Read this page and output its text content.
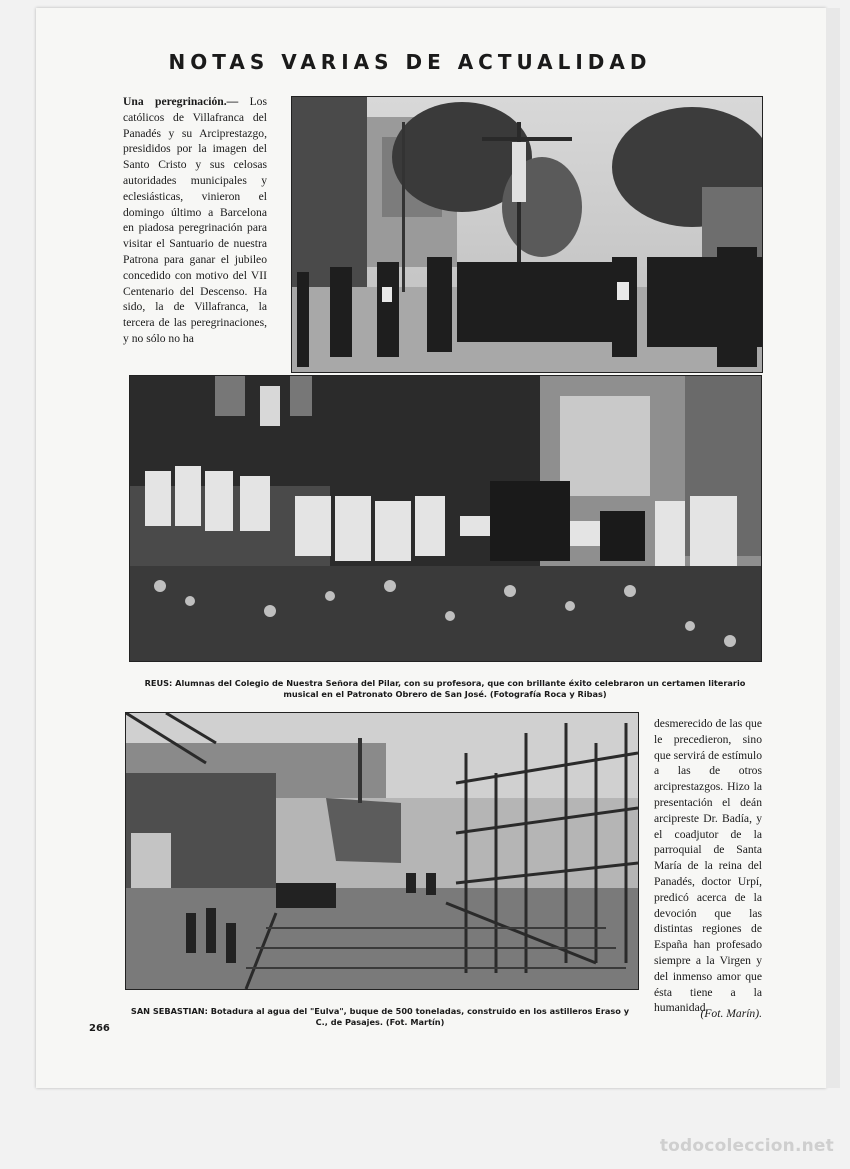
NOTAS VARIAS DE ACTUALIDAD
Una peregrinación.— Los católicos de Villafranca del Panadés y su Arciprestazgo, presididos por la imagen del Santo Cristo y sus celosas autoridades municipales y eclesiásticas, vinieron el domingo último a Barcelona en piadosa peregrinación para visitar el Santuario de nuestra Patrona para ganar el jubileo concedido con motivo del VII Centenario del Descenso. Ha sido, la de Villafranca, la tercera de las peregrinaciones, y no sólo no ha
REUS: Alumnas del Colegio de Nuestra Señora del Pilar, con su profesora, que con brillante éxito celebraron un certamen literario musical en el Patronato Obrero de San José. (Fotografía Roca y Ribas)
SAN SEBASTIAN: Botadura al agua del "Eulva", buque de 500 toneladas, construido en los astilleros Eraso y C., de Pasajes. (Fot. Martín)
desmerecido de las que le precedieron, sino que servirá de estímulo a las de otros arciprestazgos. Hizo la presentación el deán arcipreste Dr. Badía, y el coadjutor de la parroquial de Santa María de la reina del Panadés, doctor Urpí, predicó acerca de la devoción que las distintas regiones de España han profesado siempre a la Virgen y del inmenso amor que ésta tiene a la humanidad.
(Fot. Marín).
266
todocoleccion.net
